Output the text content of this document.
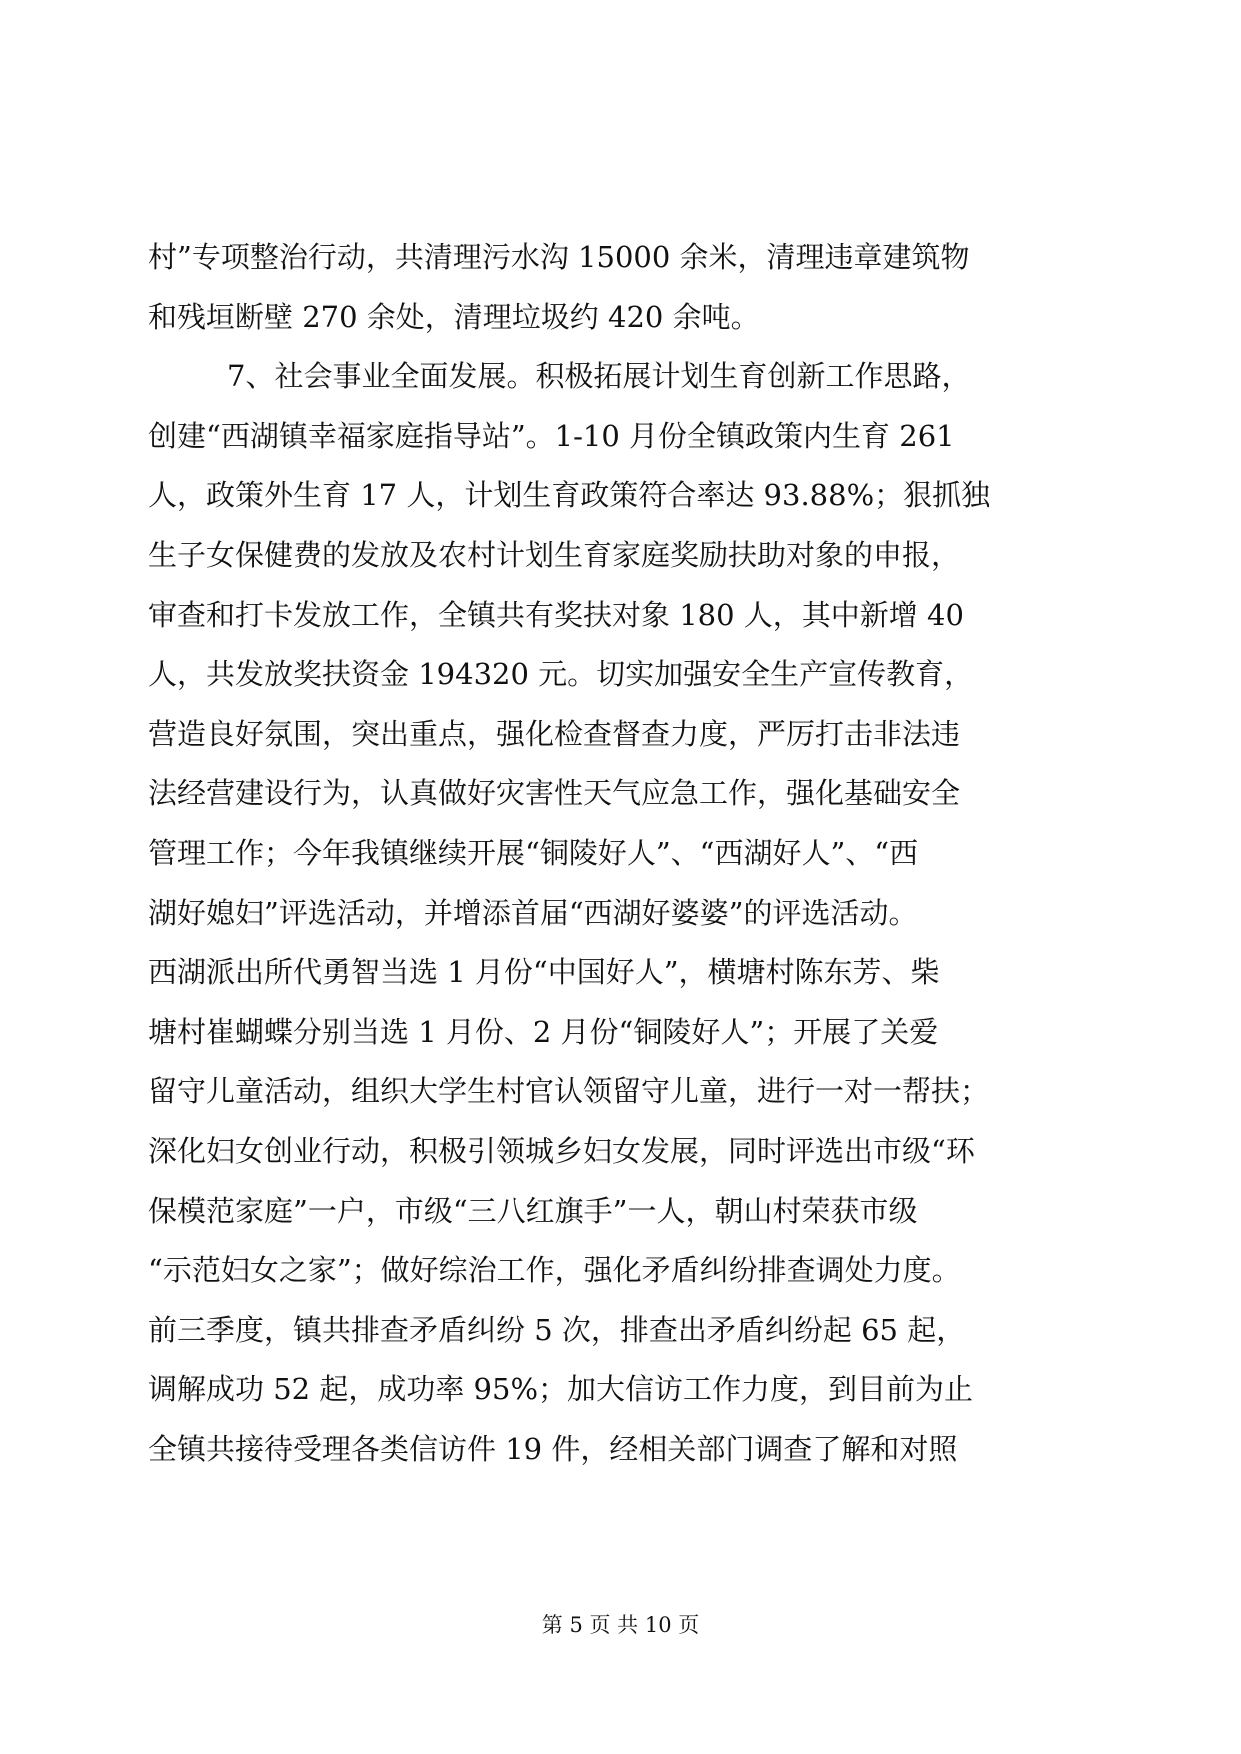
村”专项整治行动，共清理污水沟 15000 余米，清理违章建筑物
和残垣断壁 270 余处，清理垃圾约 420 余吨。
7、社会事业全面发展。积极拓展计划生育创新工作思路，
创建“西湖镇幸福家庭指导站”。1-10 月份全镇政策内生育 261
人，政策外生育 17 人，计划生育政策符合率达 93.88%；狠抓独
生子女保健费的发放及农村计划生育家庭奖励扶助对象的申报，
审查和打卡发放工作，全镇共有奖扶对象 180 人，其中新增 40
人，共发放奖扶资金 194320 元。切实加强安全生产宣传教育，
营造良好氛围，突出重点，强化检查督查力度，严厉打击非法违
法经营建设行为，认真做好灾害性天气应急工作，强化基础安全
管理工作；今年我镇继续开展“铜陵好人”、“西湖好人”、“西
湖好媳妇”评选活动，并增添首届“西湖好婆婆”的评选活动。
西湖派出所代勇智当选 1 月份“中国好人”，横塘村陈东芳、柴
塘村崔蝴蝶分别当选 1 月份、2 月份“铜陵好人”；开展了关爱
留守儿童活动，组织大学生村官认领留守儿童，进行一对一帮扶；
深化妇女创业行动，积极引领城乡妇女发展，同时评选出市级“环
保模范家庭”一户，市级“三八红旗手”一人，朝山村荣获市级
“示范妇女之家”；做好综治工作，强化矛盾纠纷排查调处力度。
前三季度，镇共排查矛盾纠纷 5 次，排查出矛盾纠纷起 65 起，
调解成功 52 起，成功率 95%；加大信访工作力度，到目前为止
全镇共接待受理各类信访件 19 件，经相关部门调查了解和对照
第 5 页 共 10 页
